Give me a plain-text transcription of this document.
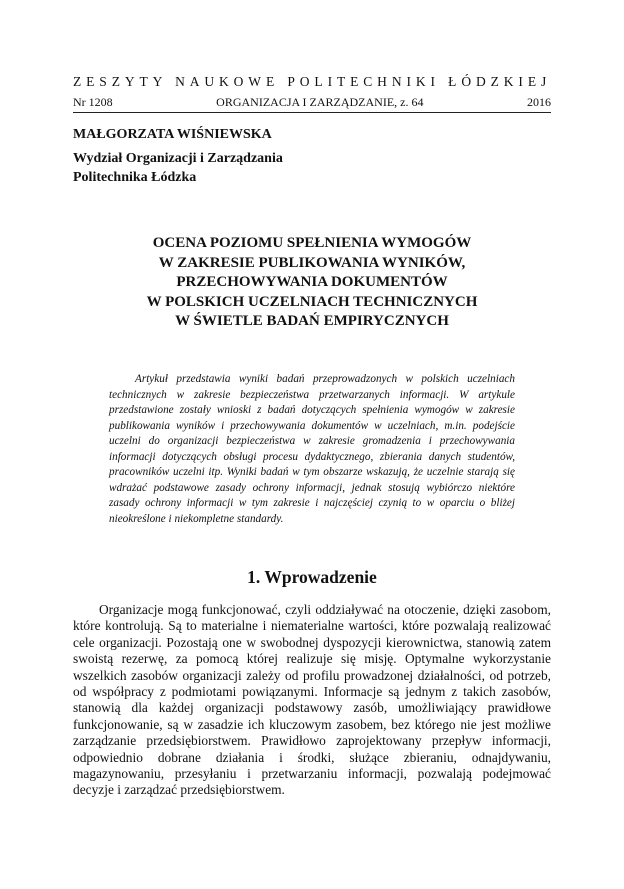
ZESZYTY NAUKOWE POLITECHNIKI ŁÓDZKIEJ
Nr 1208	ORGANIZACJA I ZARZĄDZANIE, z. 64	2016
MAŁGORZATA WIŚNIEWSKA
Wydział Organizacji i Zarządzania
Politechnika Łódzka
OCENA POZIOMU SPEŁNIENIA WYMOGÓW
W ZAKRESIE PUBLIKOWANIA WYNIKÓW,
PRZECHOWYWANIA DOKUMENTÓW
W POLSKICH UCZELNIACH TECHNICZNYCH
W ŚWIETLE BADAŃ EMPIRYCZNYCH
Artykuł przedstawia wyniki badań przeprowadzonych w polskich uczelniach technicznych w zakresie bezpieczeństwa przetwarzanych informacji. W artykule przedstawione zostały wnioski z badań dotyczących spełnienia wymogów w zakresie publikowania wyników i przechowywania dokumentów w uczelniach, m.in. podejście uczelni do organizacji bezpieczeństwa w zakresie gromadzenia i przechowywania informacji dotyczących obsługi procesu dydaktycznego, zbierania danych studentów, pracowników uczelni itp. Wyniki badań w tym obszarze wskazują, że uczelnie starają się wdrażać podstawowe zasady ochrony informacji, jednak stosują wybiórczo niektóre zasady ochrony informacji w tym zakresie i najczęściej czynią to w oparciu o bliżej nieokreślone i niekompletne standardy.
1. Wprowadzenie
Organizacje mogą funkcjonować, czyli oddziaływać na otoczenie, dzięki zasobom, które kontrolują. Są to materialne i niematerialne wartości, które pozwalają realizować cele organizacji. Pozostają one w swobodnej dyspozycji kierownictwa, stanowią zatem swoistą rezerwę, za pomocą której realizuje się misję. Optymalne wykorzystanie wszelkich zasobów organizacji zależy od profilu prowadzonej działalności, od potrzeb, od współpracy z podmiotami powiązanymi. Informacje są jednym z takich zasobów, stanowią dla każdej organizacji podstawowy zasób, umożliwiający prawidłowe funkcjonowanie, są w zasadzie ich kluczowym zasobem, bez którego nie jest możliwe zarządzanie przedsiębiorstwem. Prawidłowo zaprojektowany przepływ informacji, odpowiednio dobrane działania i środki, służące zbieraniu, odnajdywaniu, magazynowaniu, przesyłaniu i przetwarzaniu informacji, pozwalają podejmować decyzje i zarządzać przedsiębiorstwem.
